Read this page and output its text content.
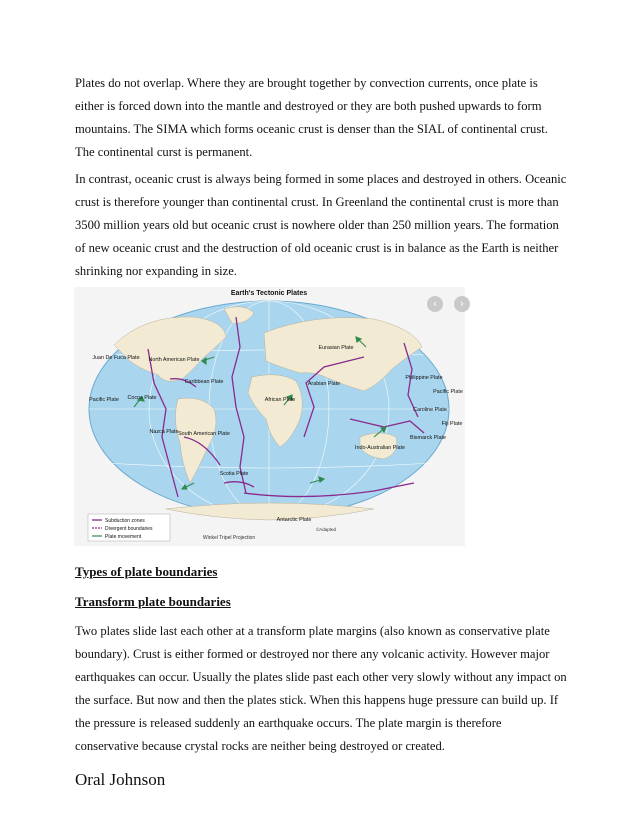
Plates do not overlap. Where they are brought together by convection currents, once plate is either is forced down into the mantle and destroyed or they are both pushed upwards to form mountains. The SIMA which forms oceanic crust is denser than the SIAL of continental crust. The continental curst is permanent.

In contrast, oceanic crust is always being formed in some places and destroyed in others. Oceanic crust is therefore younger than continental crust. In Greenland the continental crust is more than 3500 million years old but oceanic crust is nowhere older than 250 million years. The formation of new oceanic crust and the destruction of old oceanic crust is in balance as the Earth is neither shrinking nor expanding in size.

Earth's Tectonic Plates
Juan De Fuca Plate North American Plate
Eurasian Plate
Philippine Plate
Caribbean Plate	Arabian Plate
Pacific Plate
Pacific Plate
Cocos Plate	African Plate
Caroline Plate
Fiji Plate
Nazca Plate South American Plate
Bismarck Plate
Indo-Australian Plate
Scotia Plate
Antarctic Plate
Subduction zones
Divergent boundaries
Plate movement	Winkel Tripel Projection
©Adapted
‹	›
Types of plate boundaries
Transform plate boundaries

Two plates slide last each other at a transform plate margins (also known as conservative plate boundary). Crust is either formed or destroyed nor there any volcanic activity. However major earthquakes can occur. Usually the plates slide past each other very slowly without any impact on the surface. But now and then the plates stick. When this happens huge pressure can build up. If the pressure is released suddenly an earthquake occurs. The plate margin is therefore conservative because crystal rocks are neither being destroyed or created.

Oral Johnson
